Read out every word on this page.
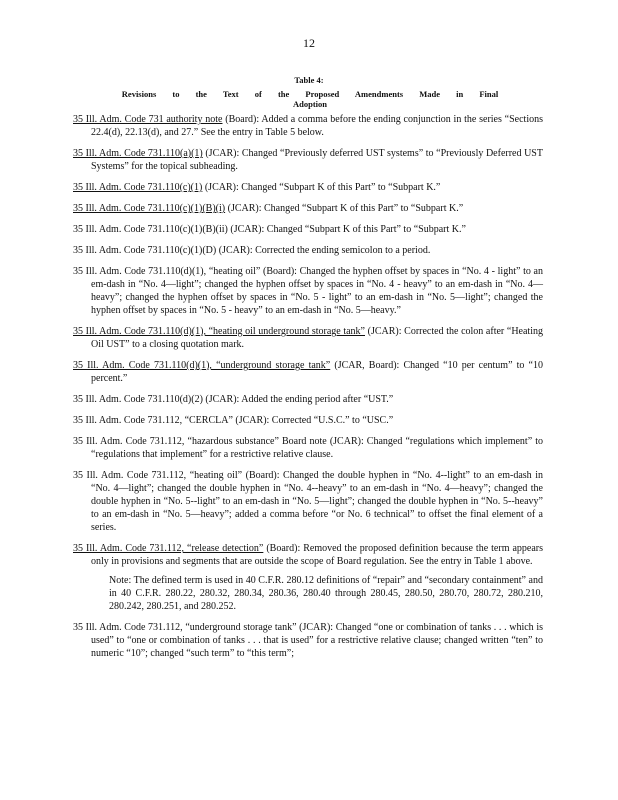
12
Table 4:
Revisions to the Text of the Proposed Amendments Made in Final Adoption
35 Ill. Adm. Code 731 authority note (Board): Added a comma before the ending conjunction in the series “Sections 22.4(d), 22.13(d), and 27.” See the entry in Table 5 below.
35 Ill. Adm. Code 731.110(a)(1) (JCAR): Changed “Previously deferred UST systems” to “Previously Deferred UST Systems” for the topical subheading.
35 Ill. Adm. Code 731.110(c)(1) (JCAR): Changed “Subpart K of this Part” to “Subpart K.”
35 Ill. Adm. Code 731.110(c)(1)(B)(i) (JCAR): Changed “Subpart K of this Part” to “Subpart K.”
35 Ill. Adm. Code 731.110(c)(1)(B)(ii) (JCAR): Changed “Subpart K of this Part” to “Subpart K.”
35 Ill. Adm. Code 731.110(c)(1)(D) (JCAR): Corrected the ending semicolon to a period.
35 Ill. Adm. Code 731.110(d)(1), “heating oil” (Board): Changed the hyphen offset by spaces in “No. 4 - light” to an em-dash in “No. 4—light”; changed the hyphen offset by spaces in “No. 4 - heavy” to an em-dash in “No. 4—heavy”; changed the hyphen offset by spaces in “No. 5 - light” to an em-dash in “No. 5—light”; changed the hyphen offset by spaces in “No. 5 - heavy” to an em-dash in “No. 5—heavy.”
35 Ill. Adm. Code 731.110(d)(1), “heating oil underground storage tank” (JCAR): Corrected the colon after “Heating Oil UST” to a closing quotation mark.
35 Ill. Adm. Code 731.110(d)(1), “underground storage tank” (JCAR, Board): Changed “10 per centum” to “10 percent.”
35 Ill. Adm. Code 731.110(d)(2) (JCAR): Added the ending period after “UST.”
35 Ill. Adm. Code 731.112, “CERCLA” (JCAR): Corrected “U.S.C.” to “USC.”
35 Ill. Adm. Code 731.112, “hazardous substance” Board note (JCAR): Changed “regulations which implement” to “regulations that implement” for a restrictive relative clause.
35 Ill. Adm. Code 731.112, “heating oil” (Board): Changed the double hyphen in “No. 4--light” to an em-dash in “No. 4—light”; changed the double hyphen in “No. 4--heavy” to an em-dash in “No. 4—heavy”; changed the double hyphen in “No. 5--light” to an em-dash in “No. 5—light”; changed the double hyphen in “No. 5--heavy” to an em-dash in “No. 5—heavy”; added a comma before “or No. 6 technical” to offset the final element of a series.
35 Ill. Adm. Code 731.112, “release detection” (Board): Removed the proposed definition because the term appears only in provisions and segments that are outside the scope of Board regulation. See the entry in Table 1 above.
Note: The defined term is used in 40 C.F.R. 280.12 definitions of “repair” and “secondary containment” and in 40 C.F.R. 280.22, 280.32, 280.34, 280.36, 280.40 through 280.45, 280.50, 280.70, 280.72, 280.210, 280.242, 280.251, and 280.252.
35 Ill. Adm. Code 731.112, “underground storage tank” (JCAR): Changed “one or combination of tanks . . . which is used” to “one or combination of tanks . . . that is used” for a restrictive relative clause; changed written “ten” to numeric “10”; changed “such term” to “this term”;
